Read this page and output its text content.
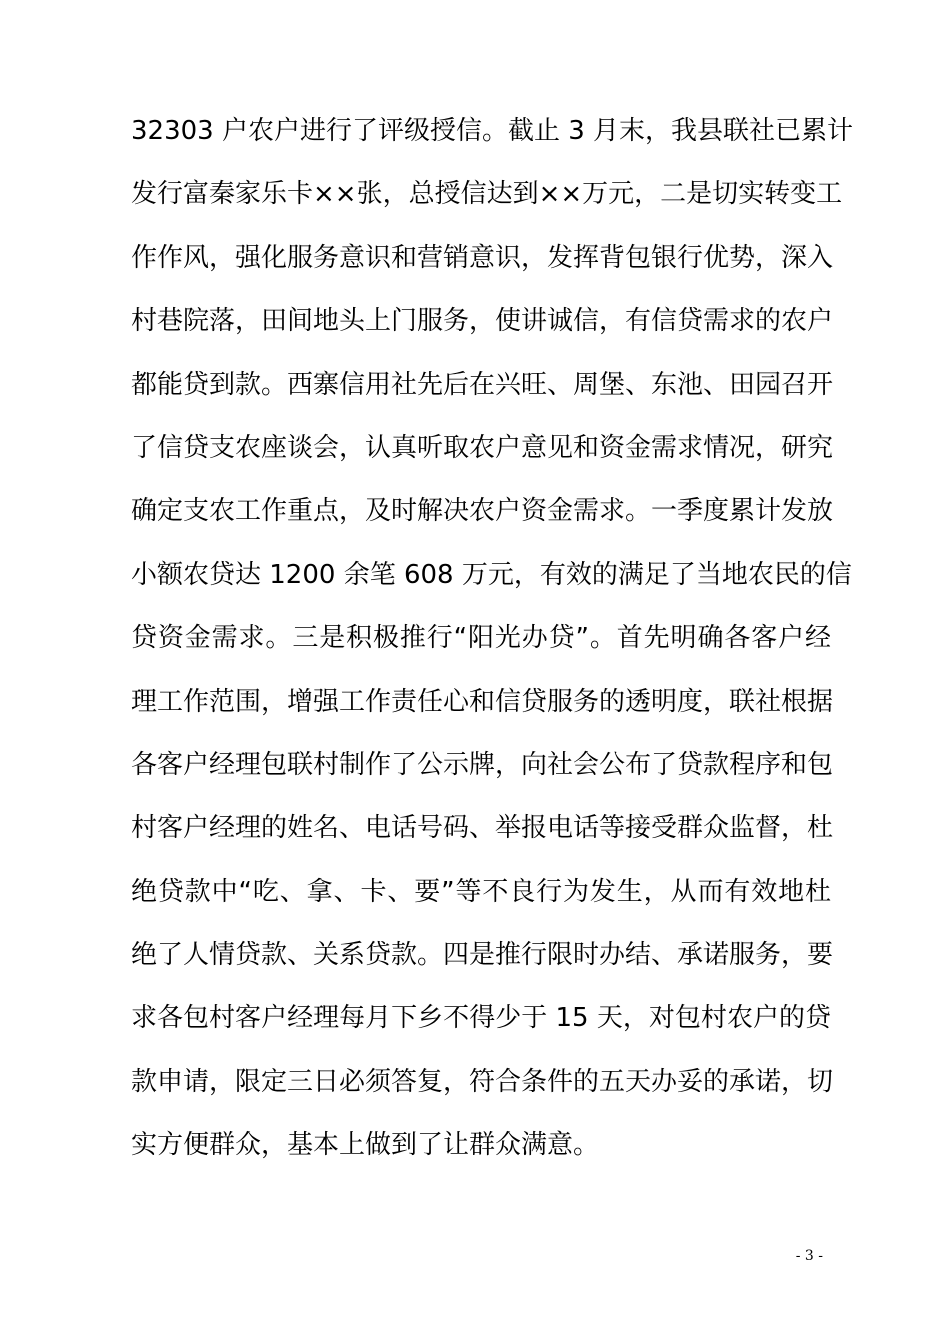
32303 户农户进行了评级授信。截止 3 月末，我县联社已累计
发行富秦家乐卡××张，总授信达到××万元，二是切实转变工
作作风，强化服务意识和营销意识，发挥背包银行优势，深入
村巷院落，田间地头上门服务，使讲诚信，有信贷需求的农户
都能贷到款。西寨信用社先后在兴旺、周堡、东池、田园召开
了信贷支农座谈会，认真听取农户意见和资金需求情况，研究
确定支农工作重点，及时解决农户资金需求。一季度累计发放
小额农贷达 1200 余笔 608 万元，有效的满足了当地农民的信
贷资金需求。三是积极推行“阳光办贷”。首先明确各客户经
理工作范围，增强工作责任心和信贷服务的透明度，联社根据
各客户经理包联村制作了公示牌，向社会公布了贷款程序和包
村客户经理的姓名、电话号码、举报电话等接受群众监督，杜
绝贷款中“吃、拿、卡、要”等不良行为发生，从而有效地杜
绝了人情贷款、关系贷款。四是推行限时办结、承诺服务，要
求各包村客户经理每月下乡不得少于 15 天，对包村农户的贷
款申请，限定三日必须答复，符合条件的五天办妥的承诺，切
实方便群众，基本上做到了让群众满意。
- 3 -
